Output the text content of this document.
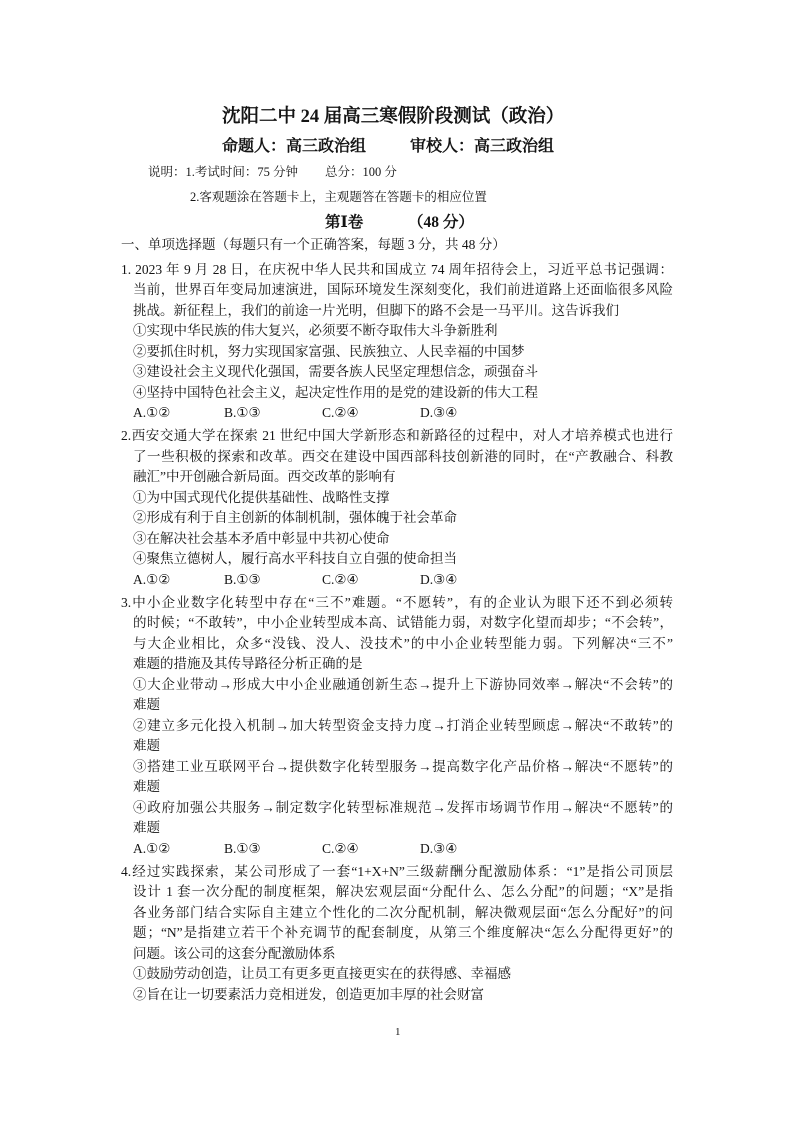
沈阳二中 24 届高三寒假阶段测试（政治）
命题人：高三政治组	审校人：高三政治组
说明：1.考试时间：75 分钟 总分：100 分
2.客观题涂在答题卡上，主观题答在答题卡的相应位置
第Ⅰ卷	（48 分）
一、单项选择题（每题只有一个正确答案，每题 3 分，共 48 分）
1. 2023 年 9 月 28 日，在庆祝中华人民共和国成立 74 周年招待会上，习近平总书记强调：
当前，世界百年变局加速演进，国际环境发生深刻变化，我们前进道路上还面临很多风险
挑战。新征程上，我们的前途一片光明，但脚下的路不会是一马平川。这告诉我们
①实现中华民族的伟大复兴，必须要不断夺取伟大斗争新胜利
②要抓住时机，努力实现国家富强、民族独立、人民幸福的中国梦
③建设社会主义现代化强国，需要各族人民坚定理想信念，顽强奋斗
④坚持中国特色社会主义，起决定性作用的是党的建设新的伟大工程
A.①②	B.①③	C.②④	D.③④
2.西安交通大学在探索 21 世纪中国大学新形态和新路径的过程中，对人才培养模式也进行
了一些积极的探索和改革。西交在建设中国西部科技创新港的同时，在“产教融合、科教
融汇”中开创融合新局面。西交改革的影响有
①为中国式现代化提供基础性、战略性支撑
②形成有利于自主创新的体制机制，强体魄于社会革命
③在解决社会基本矛盾中彰显中共初心使命
④聚焦立德树人，履行高水平科技自立自强的使命担当
A.①②	B.①③	C.②④	D.③④
3.中小企业数字化转型中存在“三不”难题。“不愿转”，有的企业认为眼下还不到必须转
的时候；“不敢转”，中小企业转型成本高、试错能力弱，对数字化望而却步；“不会转”，
与大企业相比，众多“没钱、没人、没技术”的中小企业转型能力弱。下列解决“三不”
难题的措施及其传导路径分析正确的是
①大企业带动→形成大中小企业融通创新生态→提升上下游协同效率→解决“不会转”的
难题
②建立多元化投入机制→加大转型资金支持力度→打消企业转型顾虑→解决“不敢转”的
难题
③搭建工业互联网平台→提供数字化转型服务→提高数字化产品价格→解决“不愿转”的
难题
④政府加强公共服务→制定数字化转型标准规范→发挥市场调节作用→解决“不愿转”的
难题
A.①②	B.①③	C.②④	D.③④
4.经过实践探索，某公司形成了一套“1+X+N”三级薪酬分配激励体系：“1”是指公司顶层
设计 1 套一次分配的制度框架，解决宏观层面“分配什么、怎么分配”的问题；“X”是指
各业务部门结合实际自主建立个性化的二次分配机制，解决微观层面“怎么分配好”的问
题；“N”是指建立若干个补充调节的配套制度，从第三个维度解决“怎么分配得更好”的
问题。该公司的这套分配激励体系
①鼓励劳动创造，让员工有更多更直接更实在的获得感、幸福感
②旨在让一切要素活力竞相迸发，创造更加丰厚的社会财富
1
